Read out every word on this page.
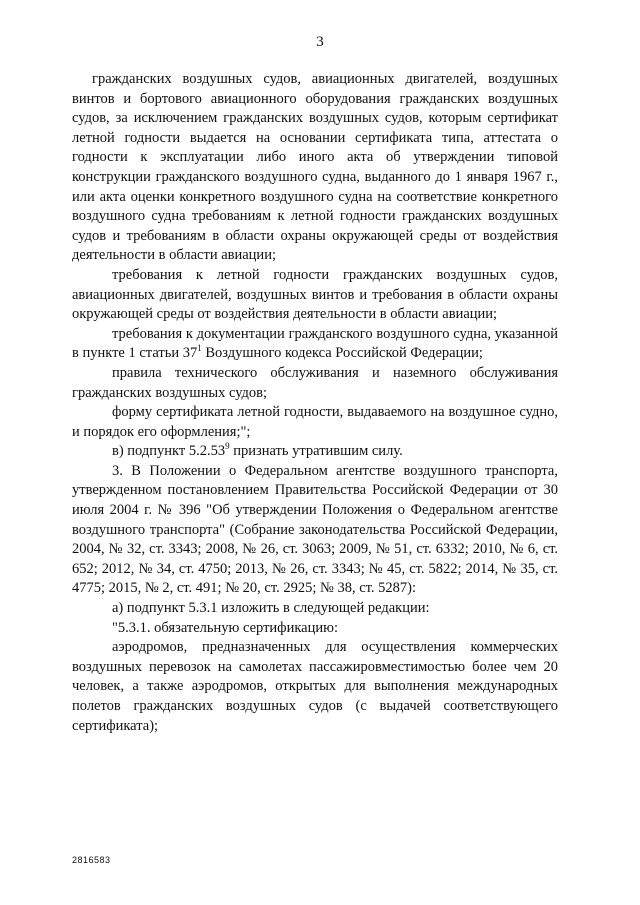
3

гражданских воздушных судов, авиационных двигателей, воздушных винтов и бортового авиационного оборудования гражданских воздушных судов, за исключением гражданских воздушных судов, которым сертификат летной годности выдается на основании сертификата типа, аттестата о годности к эксплуатации либо иного акта об утверждении типовой конструкции гражданского воздушного судна, выданного до 1 января 1967 г., или акта оценки конкретного воздушного судна на соответствие конкретного воздушного судна требованиям к летной годности гражданских воздушных судов и требованиям в области охраны окружающей среды от воздействия деятельности в области авиации;

требования к летной годности гражданских воздушных судов, авиационных двигателей, воздушных винтов и требования в области охраны окружающей среды от воздействия деятельности в области авиации;

требования к документации гражданского воздушного судна, указанной в пункте 1 статьи $37^1$ Воздушного кодекса Российской Федерации;

правила технического обслуживания и наземного обслуживания гражданских воздушных судов;

форму сертификата летной годности, выдаваемого на воздушное судно, и порядок его оформления;";

в) подпункт 5.2.53$^9$ признать утратившим силу.

3. В Положении о Федеральном агентстве воздушного транспорта, утвержденном постановлением Правительства Российской Федерации от 30 июля 2004 г. № 396 "Об утверждении Положения о Федеральном агентстве воздушного транспорта" (Собрание законодательства Российской Федерации, 2004, № 32, ст. 3343; 2008, № 26, ст. 3063; 2009, № 51, ст. 6332; 2010, № 6, ст. 652; 2012, № 34, ст. 4750; 2013, № 26, ст. 3343; № 45, ст. 5822; 2014, № 35, ст. 4775; 2015, № 2, ст. 491; № 20, ст. 2925; № 38, ст. 5287):

а) подпункт 5.3.1 изложить в следующей редакции:

"5.3.1. обязательную сертификацию:

аэродромов, предназначенных для осуществления коммерческих воздушных перевозок на самолетах пассажировместимостью более чем 20 человек, а также аэродромов, открытых для выполнения международных полетов гражданских воздушных судов (с выдачей соответствующего сертификата);

2816583
